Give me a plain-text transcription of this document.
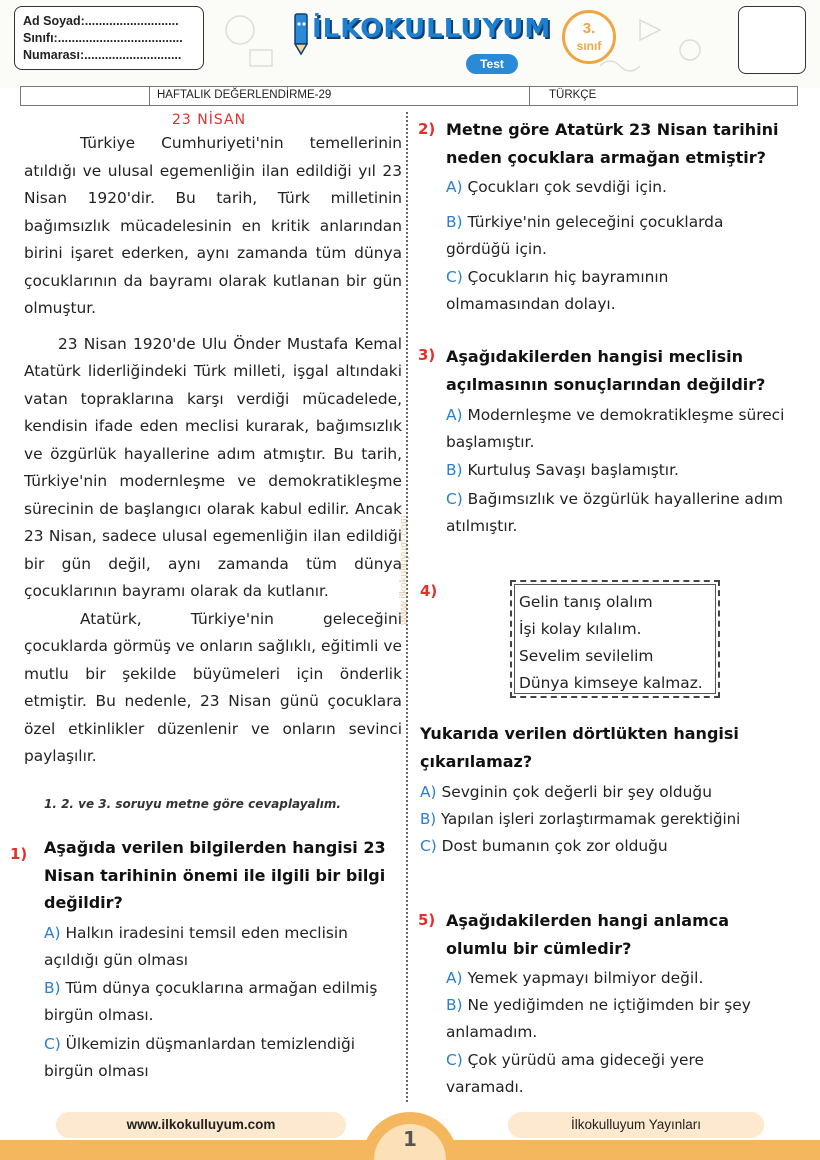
Ad Soyad:...........................
Sınıfı:....................................
Numarası:............................
İLKOKULLUYUM
Test
3.
sınıf
HAFTALIK DEĞERLENDİRME-29	TÜRKÇE
www.ilkokulluyum.com
23 NİSAN

Türkiye Cumhuriyeti'nin temellerinin atıldığı ve ulusal egemenliğin ilan edildiği yıl 23 Nisan 1920'dir. Bu tarih, Türk milletinin bağımsızlık mücadelesinin en kritik anlarından birini işaret ederken, aynı zamanda tüm dünya çocuklarının da bayramı olarak kutlanan bir gün olmuştur.

23 Nisan 1920'de Ulu Önder Mustafa Kemal Atatürk liderliğindeki Türk milleti, işgal altındaki vatan topraklarına karşı verdiği mücadelede, kendisin ifade eden meclisi kurarak, bağımsızlık ve özgürlük hayallerine adım atmıştır. Bu tarih, Türkiye'nin modernleşme ve demokratikleşme sürecinin de başlangıcı olarak kabul edilir. Ancak 23 Nisan, sadece ulusal egemenliğin ilan edildiği bir gün değil, aynı zamanda tüm dünya çocuklarının bayramı olarak da kutlanır.

Atatürk, Türkiye'nin geleceğini çocuklarda görmüş ve onların sağlıklı, eğitimli ve mutlu bir şekilde büyümeleri için önderlik etmiştir. Bu nedenle, 23 Nisan günü çocuklara özel etkinlikler düzenlenir ve onların sevinci paylaşılır.

1. 2. ve 3. soruyu metne göre cevaplayalım.
1) Aşağıda verilen bilgilerden hangisi 23 Nisan tarihinin önemi ile ilgili bir bilgi değildir?
A) Halkın iradesini temsil eden meclisin açıldığı gün olması
B) Tüm dünya çocuklarına armağan edilmiş birgün olması.
C) Ülkemizin düşmanlardan temizlendiği birgün olması
2) Metne göre Atatürk 23 Nisan tarihini neden çocuklara armağan etmiştir?
A) Çocukları çok sevdiği için.
B) Türkiye'nin geleceğini çocuklarda gördüğü için.
C) Çocukların hiç bayramının olmamasından dolayı.
3) Aşağıdakilerden hangisi meclisin açılmasının sonuçlarından değildir?
A) Modernleşme ve demokratikleşme süreci başlamıştır.
B) Kurtuluş Savaşı başlamıştır.
C) Bağımsızlık ve özgürlük hayallerine adım atılmıştır.
4)
Gelin tanış olalım
İşi kolay kılalım.
Sevelim sevilelim
Dünya kimseye kalmaz.
Yukarıda verilen dörtlükten hangisi çıkarılamaz?
A) Sevginin çok değerli bir şey olduğu
B) Yapılan işleri zorlaştırmamak gerektiğini
C) Dost bumanın çok zor olduğu
5) Aşağıdakilerden hangi anlamca olumlu bir cümledir?
A) Yemek yapmayı bilmiyor değil.
B) Ne yediğimden ne içtiğimden bir şey anlamadım.
C) Çok yürüdü ama gideceği yere varamadı.
www.ilkokulluyum.com	İlkokulluyum Yayınları
1
